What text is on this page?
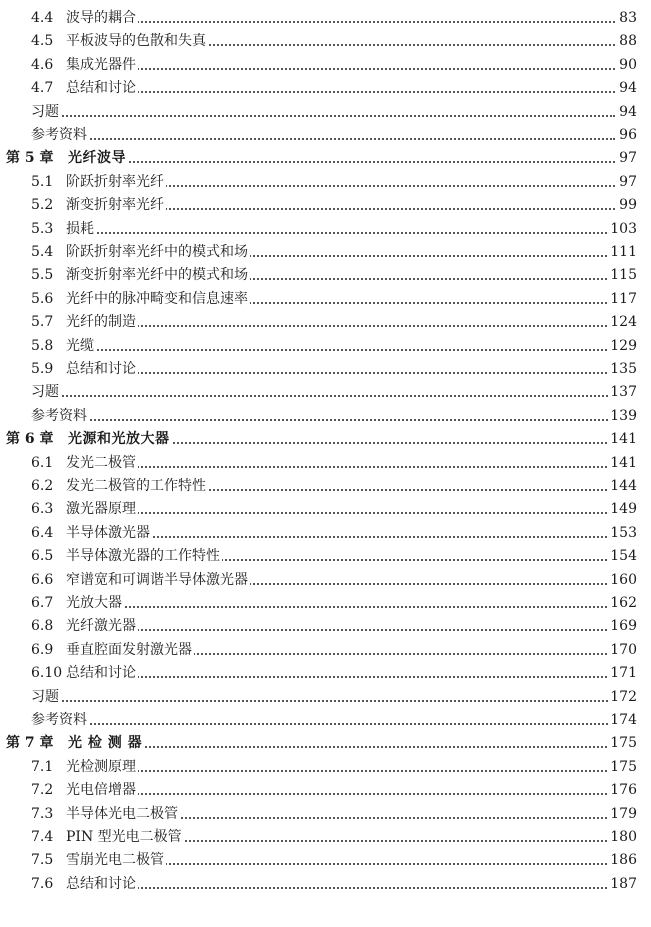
4.4 波导的耦合	83
4.5 平板波导的色散和失真	88
4.6 集成光器件	90
4.7 总结和讨论	94
习题	94
参考资料	96
第 5 章 光纤波导	97
5.1 阶跃折射率光纤	97
5.2 渐变折射率光纤	99
5.3 损耗	103
5.4 阶跃折射率光纤中的模式和场	111
5.5 渐变折射率光纤中的模式和场	115
5.6 光纤中的脉冲畸变和信息速率	117
5.7 光纤的制造	124
5.8 光缆	129
5.9 总结和讨论	135
习题	137
参考资料	139
第 6 章 光源和光放大器	141
6.1 发光二极管	141
6.2 发光二极管的工作特性	144
6.3 激光器原理	149
6.4 半导体激光器	153
6.5 半导体激光器的工作特性	154
6.6 窄谱宽和可调谐半导体激光器	160
6.7 光放大器	162
6.8 光纤激光器	169
6.9 垂直腔面发射激光器	170
6.10 总结和讨论	171
习题	172
参考资料	174
第 7 章 光 检 测 器	175
7.1 光检测原理	175
7.2 光电倍增器	176
7.3 半导体光电二极管	179
7.4 PIN 型光电二极管	180
7.5 雪崩光电二极管	186
7.6 总结和讨论	187
